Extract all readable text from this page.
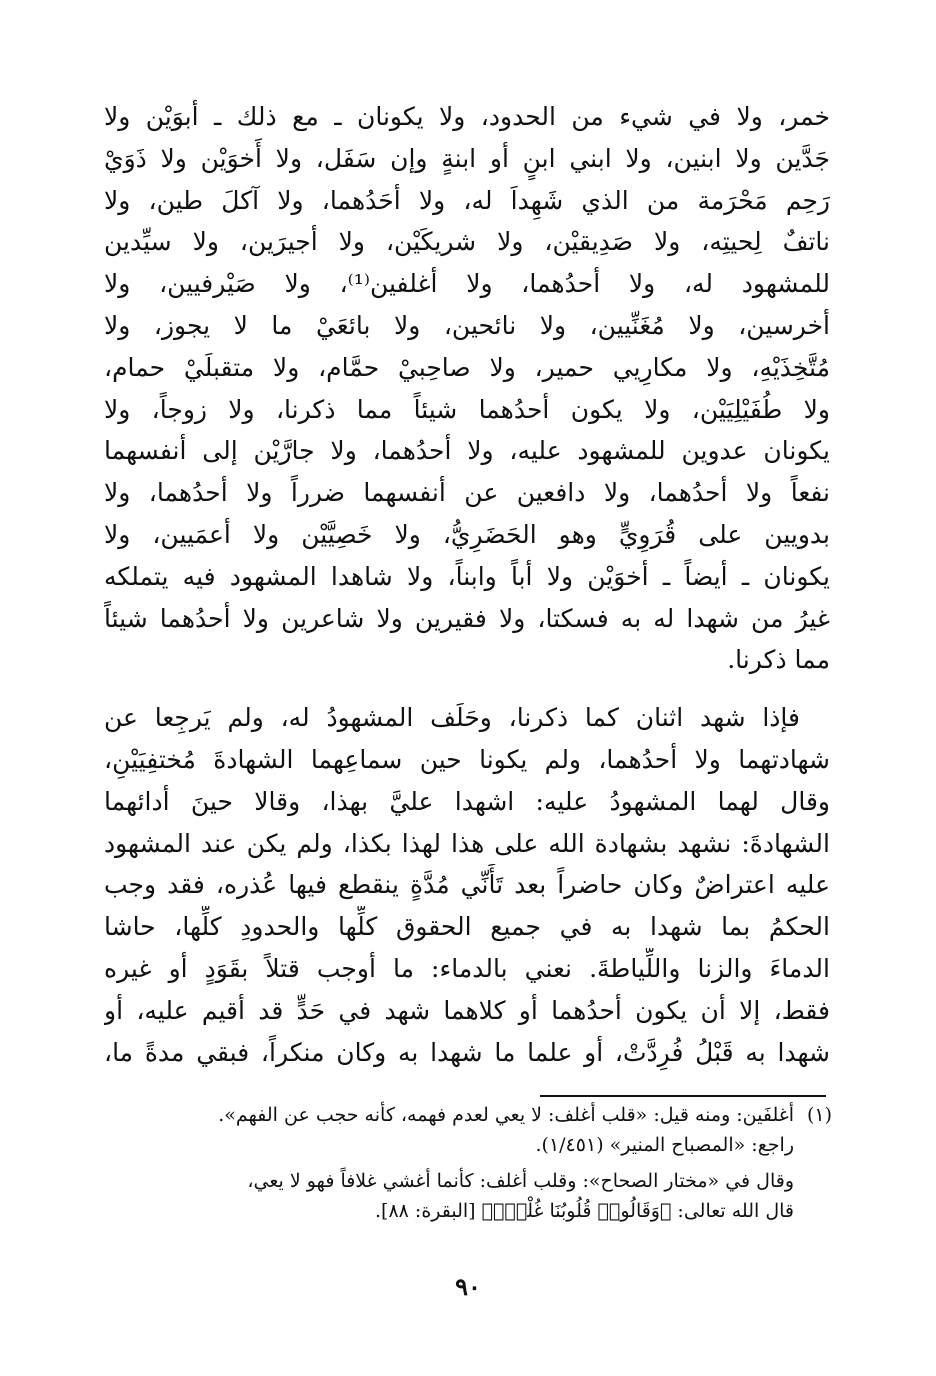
خمر، ولا في شيء من الحدود، ولا يكونان ـ مع ذلك ـ أبوَيْن ولا
جَدَّين ولا ابنين، ولا ابني ابنٍ أو ابنةٍ وإن سَفَل، ولا أَخوَيْن ولا ذَوَيْ
رَحِم مَحْرَمة من الذي شَهِداَ له، ولا أحَدُهما، ولا آكلَ طين، ولا
ناتفٌ لِحيتِه، ولا صَدِيقيْن، ولا شريكَيْن، ولا أجيرَين، ولا سيِّدين
للمشهود له، ولا أحدُهما، ولا أغلفين⁽¹⁾، ولا صَيْرفيين، ولا
أخرسين، ولا مُغَنِّيين، ولا نائحين، ولا بائعَيْ ما لا يجوز، ولا
مُتَّخِذَيْهِ، ولا مكارِيي حمير، ولا صاحِبيْ حمَّام، ولا متقبلَيْ حمام،
ولا طُفَيْلِيَيْن، ولا يكون أحدُهما شيئاً مما ذكرنا، ولا زوجاً، ولا
يكونان عدوين للمشهود عليه، ولا أحدُهما، ولا جارَّيْن إلى أنفسهما
نفعاً ولا أحدُهما، ولا دافعين عن أنفسهما ضرراً ولا أحدُهما، ولا
بدويين على قُرَوِيٍّ وهو الحَضَرِيُّ، ولا خَصِيَّيْن ولا أعمَيين، ولا
يكونان ـ أيضاً ـ أخوَيْن ولا أباً وابناً، ولا شاهدا المشهود فيه يتملكه
غيرُ من شهدا له به فسكتا، ولا فقيرين ولا شاعرين ولا أحدُهما شيئاً
مما ذكرنا.
فإذا شهد اثنان كما ذكرنا، وحَلَف المشهودُ له، ولم يَرجِعا عن
شهادتهما ولا أحدُهما، ولم يكونا حين سماعِهما الشهادةَ مُختفِيَيْنِ،
وقال لهما المشهودُ عليه: اشهدا عليَّ بهذا، وقالا حينَ أدائهما
الشهادةَ: نشهد بشهادة الله على هذا لهذا بكذا، ولم يكن عند المشهود
عليه اعتراضٌ وكان حاضراً بعد تَأَنِّي مُدَّةٍ ينقطع فيها عُذره، فقد وجب
الحكمُ بما شهدا به في جميع الحقوق كلِّها والحدودِ كلِّها، حاشا
الدماءَ والزنا واللِّياطةَ. نعني بالدماء: ما أوجب قتلاً بقَوَدٍ أو غيره
فقط، إلا أن يكون أحدُهما أو كلاهما شهد في حَدٍّ قد أقيم عليه، أو
شهدا به قَبْلُ فُرِدَّتْ، أو علما ما شهدا به وكان منكراً، فبقي مدةً ما،
(١)أغلفَين: ومنه قيل: «قلب أغلف: لا يعي لعدم فهمه، كأنه حجب عن الفهم».
راجع: «المصباح المنير» (١/٤٥١).
وقال في «مختار الصحاح»: وقلب أغلف: كأنما أغشي غلافاً فهو لا يعي،
قال الله تعالى: ﴿وَقَالُوا۟ قُلُوبُنَا غُلْفٌۢ﴾ [البقرة: ٨٨].
٩٠
